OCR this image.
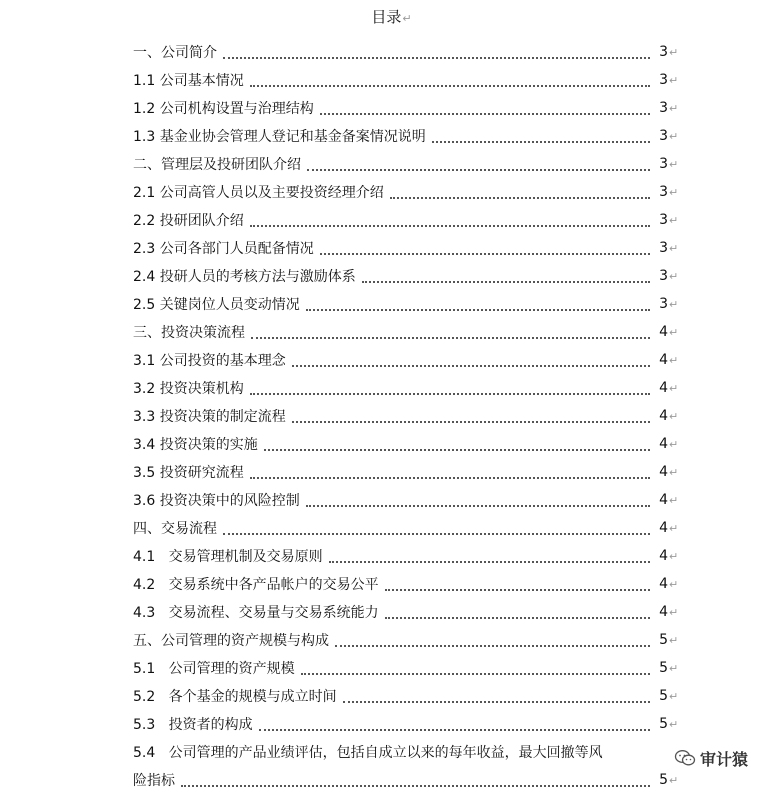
目录↵
一、公司简介	3 ↵
1.1 公司基本情况	3 ↵
1.2 公司机构设置与治理结构	3 ↵
1.3 基金业协会管理人登记和基金备案情况说明	3 ↵
二、管理层及投研团队介绍	3 ↵
2.1 公司高管人员以及主要投资经理介绍	3 ↵
2.2 投研团队介绍	3 ↵
2.3 公司各部门人员配备情况	3 ↵
2.4 投研人员的考核方法与激励体系	3 ↵
2.5 关键岗位人员变动情况	3 ↵
三、投资决策流程	4 ↵
3.1 公司投资的基本理念	4 ↵
3.2 投资决策机构	4 ↵
3.3 投资决策的制定流程	4 ↵
3.4 投资决策的实施	4 ↵
3.5 投资研究流程	4 ↵
3.6 投资决策中的风险控制	4 ↵
四、交易流程	4 ↵
4.1   交易管理机制及交易原则	4 ↵
4.2   交易系统中各产品帐户的交易公平	4 ↵
4.3   交易流程、交易量与交易系统能力	4 ↵
五、公司管理的资产规模与构成	5 ↵
5.1   公司管理的资产规模	5 ↵
5.2   各个基金的规模与成立时间	5 ↵
5.3   投资者的构成	5 ↵
5.4   公司管理的产品业绩评估，包括自成立以来的每年收益，最大回撤等风
险指标	5 ↵
审计猿
